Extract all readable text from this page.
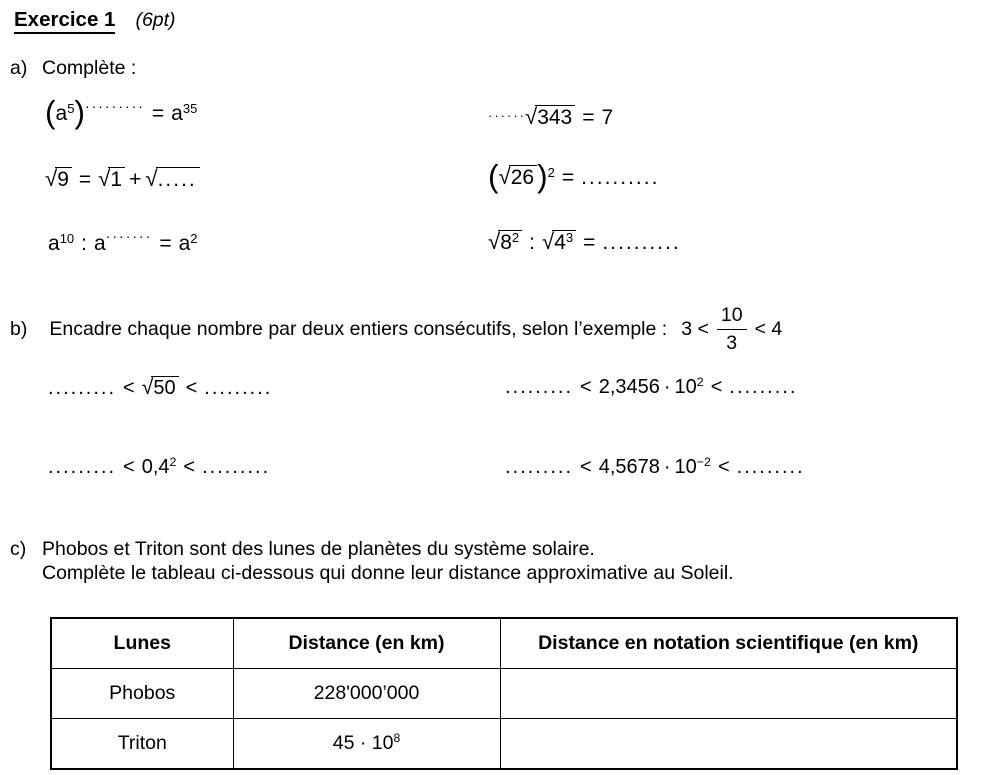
Exercice 1 (6pt)
a) Complète :
$(a^5)^{\cdot\cdot\cdot\cdot\cdot\cdot\cdot\cdot\cdot} = a^{35}$	······ √ 343 = 7
√ 9 = √ 1 + √ .....	( √ 26)$^2$ = ..........
$a^{10}$ : $a^{\cdot\cdot\cdot\cdot\cdot\cdot\cdot} = a^2$ √	$8^2$ : √ $4^3$ = ..........
b) Encadre chaque nombre par deux entiers consécutifs, selon l’exemple : $3 < \frac{10}{3} < 4$
......... < √ 50 < .........	......... < $2,3456 \cdot 10^2$ < .........
......... < $0,4^2$ < .........	......... < $4,5678 \cdot 10^{-2}$ < .........
c) Phobos et Triton sont des lunes de planètes du système solaire.
Complète le tableau ci-dessous qui donne leur distance approximative au Soleil.
Lunes	Distance (en km)	Distance en notation scientifique (en km)
Phobos	228'000’000	
Triton	$45 \cdot 10^8$	
